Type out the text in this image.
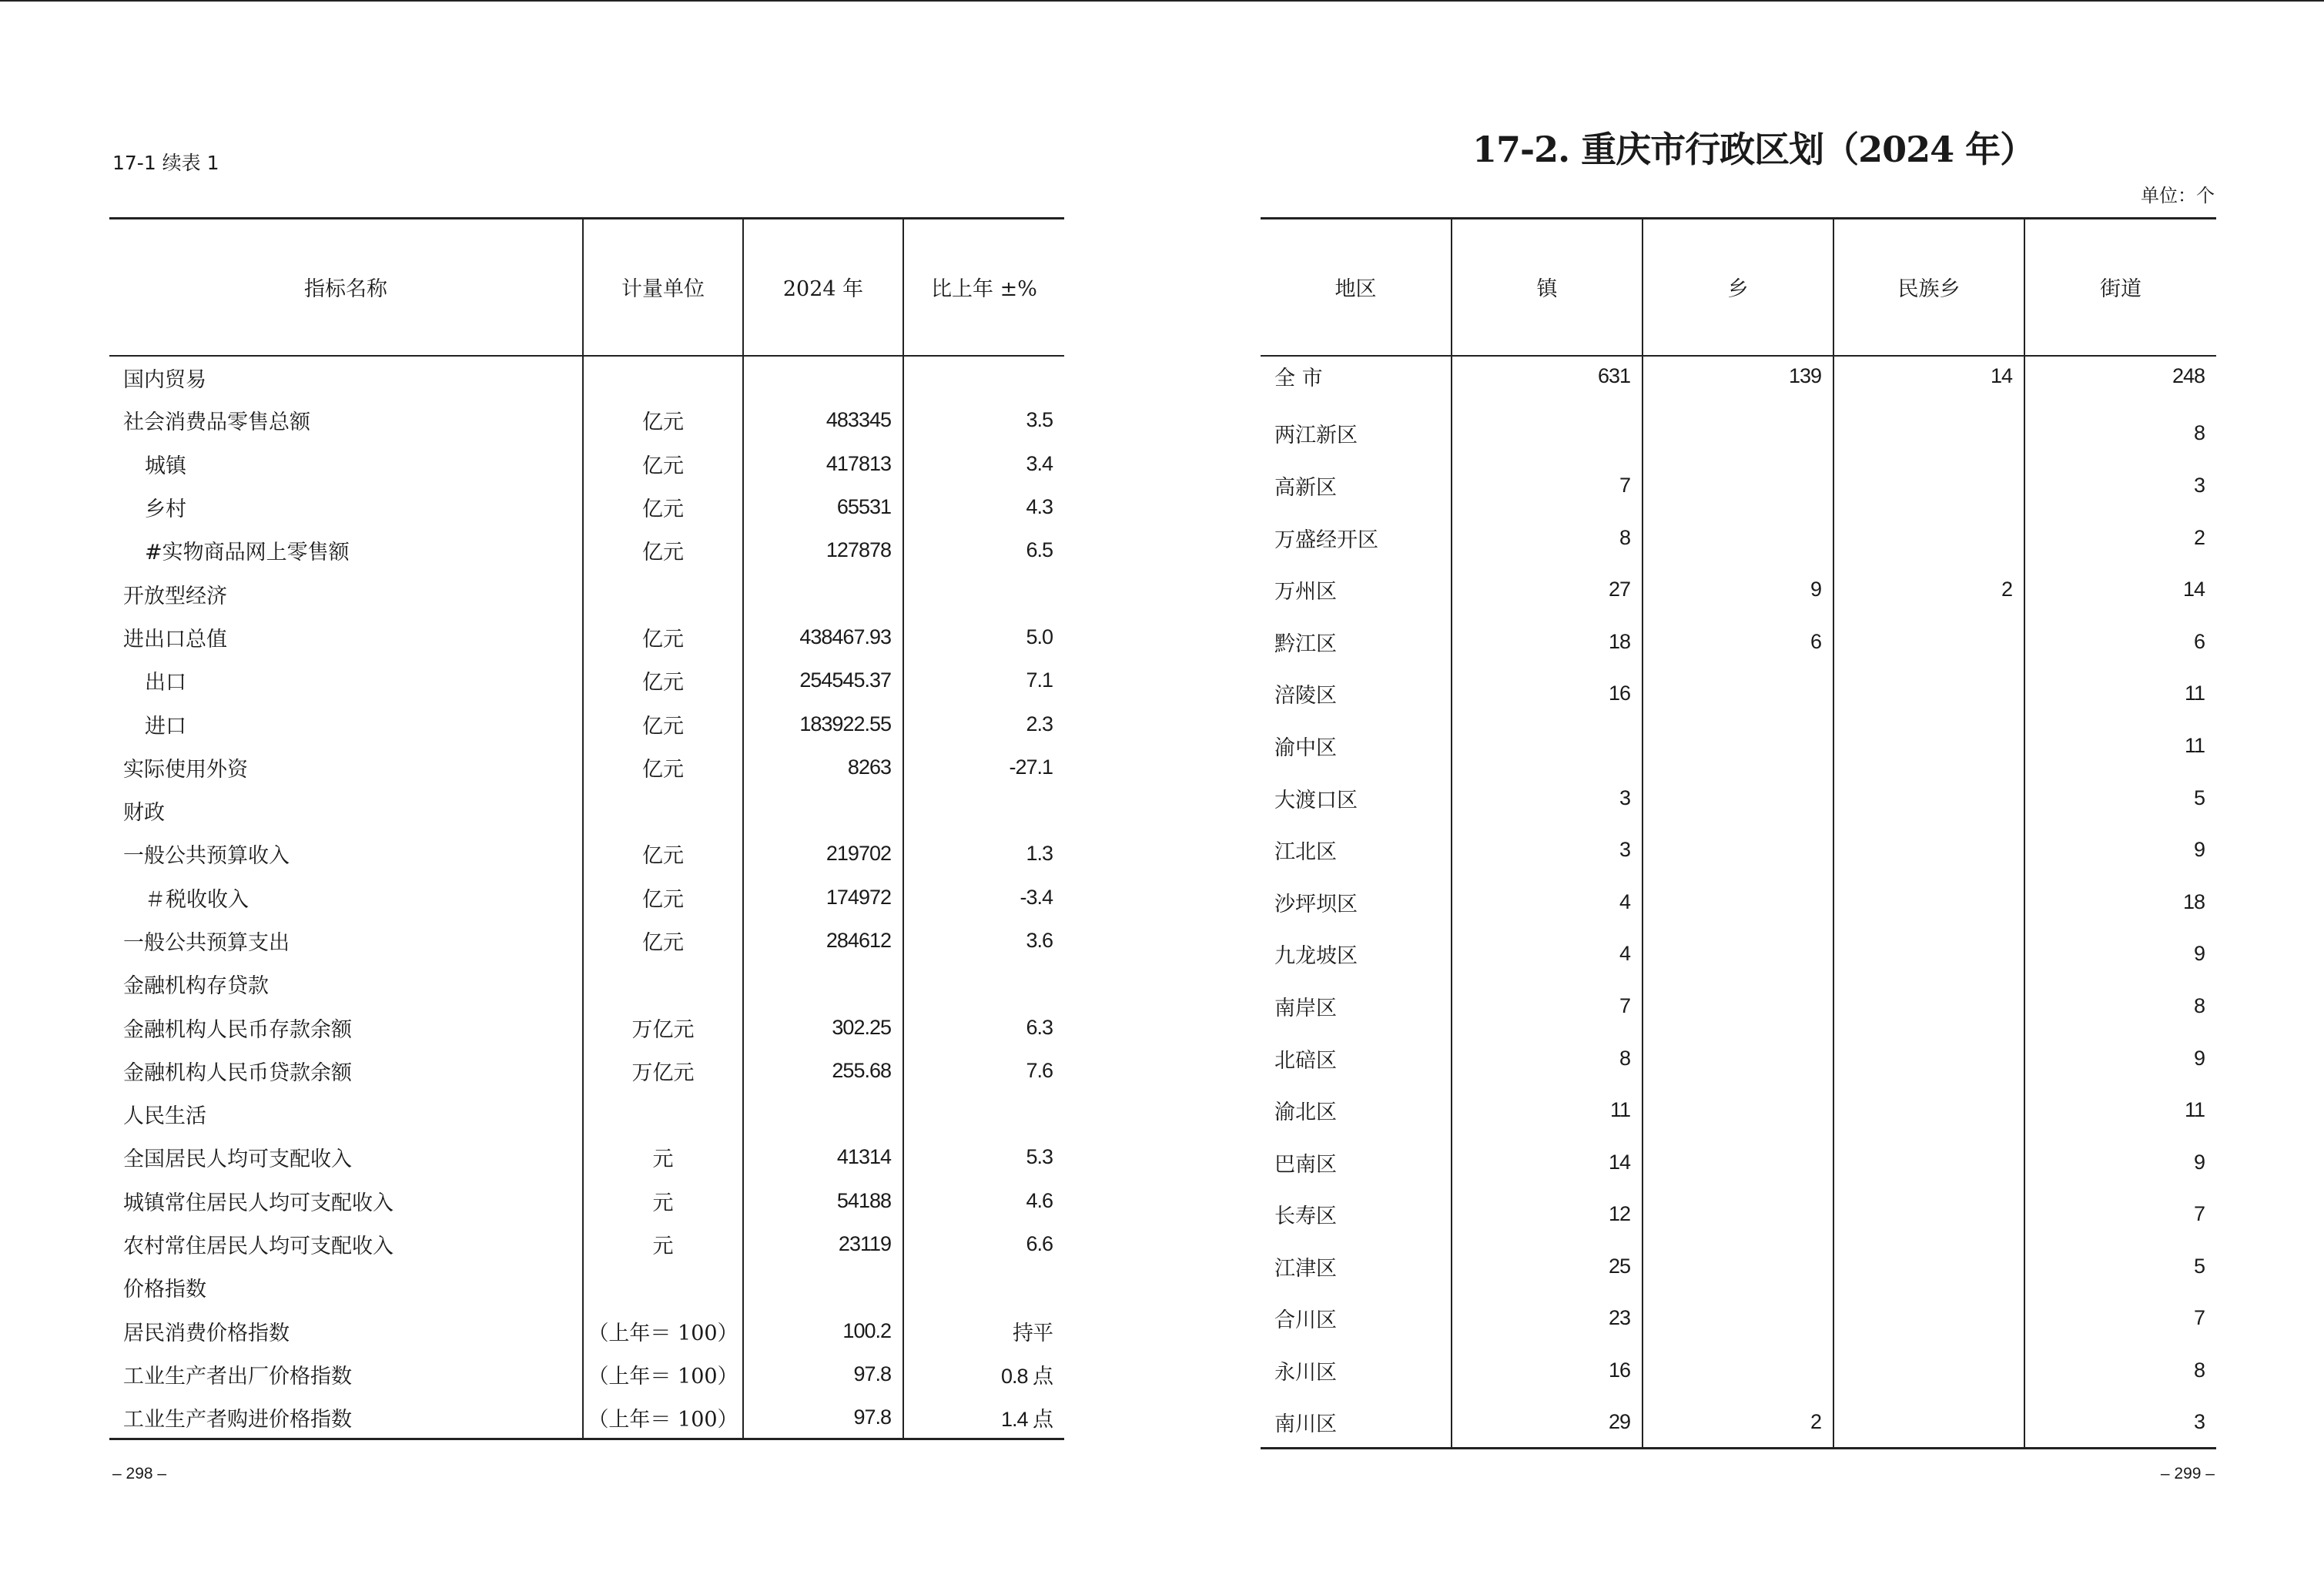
17-1 续表 1
– 298 –
指标名称	计量单位	2024 年	比上年 ±%
国内贸易			
社会消费品零售总额	亿元	483345	3.5
城镇	亿元	417813	3.4
乡村	亿元	65531	4.3
#实物商品网上零售额	亿元	127878	6.5
开放型经济			
进出口总值	亿元	438467.93	5.0
出口	亿元	254545.37	7.1
进口	亿元	183922.55	2.3
实际使用外资	亿元	8263	-27.1
财政			
一般公共预算收入	亿元	219702	1.3
＃税收收入	亿元	174972	-3.4
一般公共预算支出	亿元	284612	3.6
金融机构存贷款			
金融机构人民币存款余额	万亿元	302.25	6.3
金融机构人民币贷款余额	万亿元	255.68	7.6
人民生活			
全国居民人均可支配收入	元	41314	5.3
城镇常住居民人均可支配收入	元	54188	4.6
农村常住居民人均可支配收入	元	23119	6.6
价格指数			
居民消费价格指数	（上年＝ 100）	100.2	持平
工业生产者出厂价格指数	（上年＝ 100）	97.8	0.8 点
工业生产者购进价格指数	（上年＝ 100）	97.8	1.4 点
17-2. 重庆市行政区划（2024 年）
单位：个
– 299 –
地区	镇	乡	民族乡	街道
全 市	631	139	14	248
两江新区				8
高新区	7			3
万盛经开区	8			2
万州区	27	9	2	14
黔江区	18	6		6
涪陵区	16			11
渝中区				11
大渡口区	3			5
江北区	3			9
沙坪坝区	4			18
九龙坡区	4			9
南岸区	7			8
北碚区	8			9
渝北区	11			11
巴南区	14			9
长寿区	12			7
江津区	25			5
合川区	23			7
永川区	16			8
南川区	29	2		3
